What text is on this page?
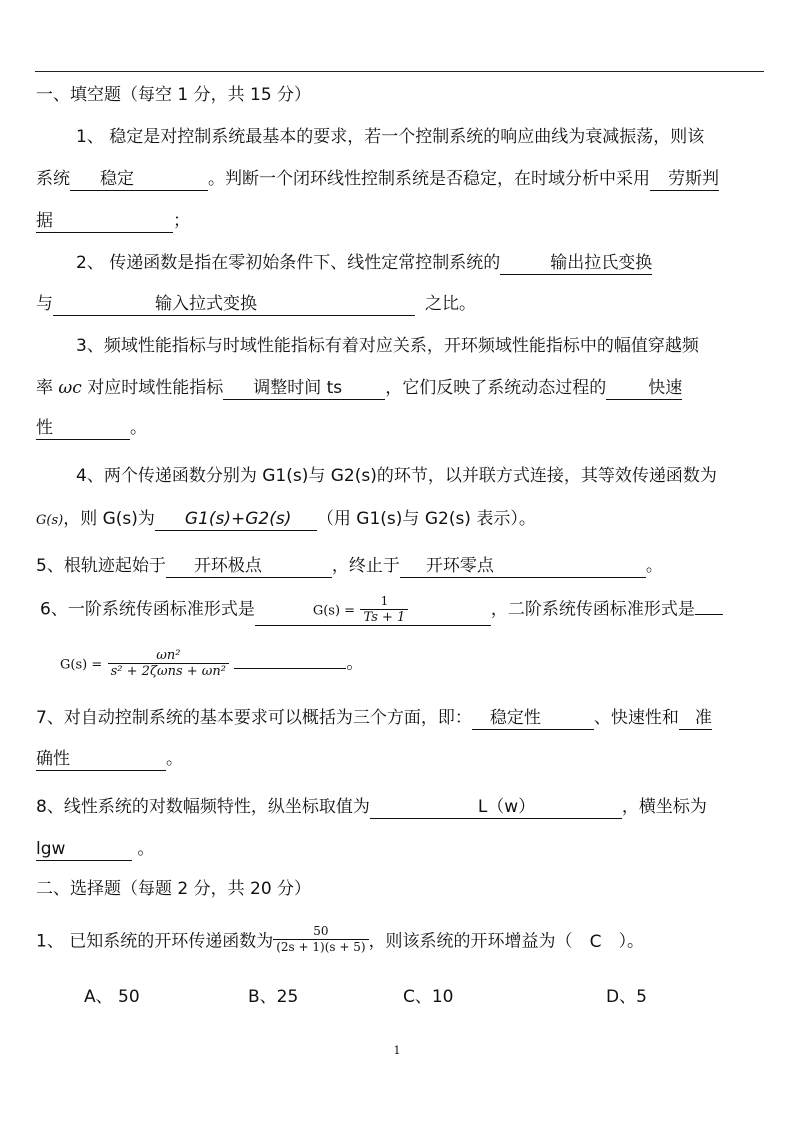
一、填空题（每空 1 分，共 15 分）
1、 稳定是对控制系统最基本的要求，若一个控制系统的响应曲线为衰减振荡，则该
系统 稳定	。判断一个闭环线性控制系统是否稳定，在时域分析中采用 劳斯判
据	；
2、 传递函数是指在零初始条件下、线性定常控制系统的	输出拉氏变换
与	输入拉式变换	之比。
3、频域性能指标与时域性能指标有着对应关系，开环频域性能指标中的幅值穿越频
率 ωc 对应时域性能指标 调整时间 ts	，它们反映了系统动态过程的 快速
性	。
4、两个传递函数分别为 G1(s)与 G2(s)的环节，以并联方式连接，其等效传递函数为
G(s)，则 G(s)为 G1(s)+G2(s) （用 G1(s)与 G2(s) 表示）。
5、根轨迹起始于 开环极点	，终止于 开环零点	。
6、一阶系统传函标准形式是	$G(s) = \frac{1}{Ts + 1}$	，二阶系统传函标准形式是
$G(s) = \frac{\text{ωn²}}{\text{s² + 2ζωns + ωn²}}$	。
7、对自动控制系统的基本要求可以概括为三个方面，即： 稳定性	、快速性和 准
确性	。
8、线性系统的对数幅频特性，纵坐标取值为	L（w）	，横坐标为
lgw	。
二、选择题（每题 2 分，共 20 分）
1、 已知系统的开环传递函数为 $\frac{50}{(2s + 1)(s + 5)}$ ，则该系统的开环增益为（ C ）。
A、 50	B、25	C、10	D、5
1
